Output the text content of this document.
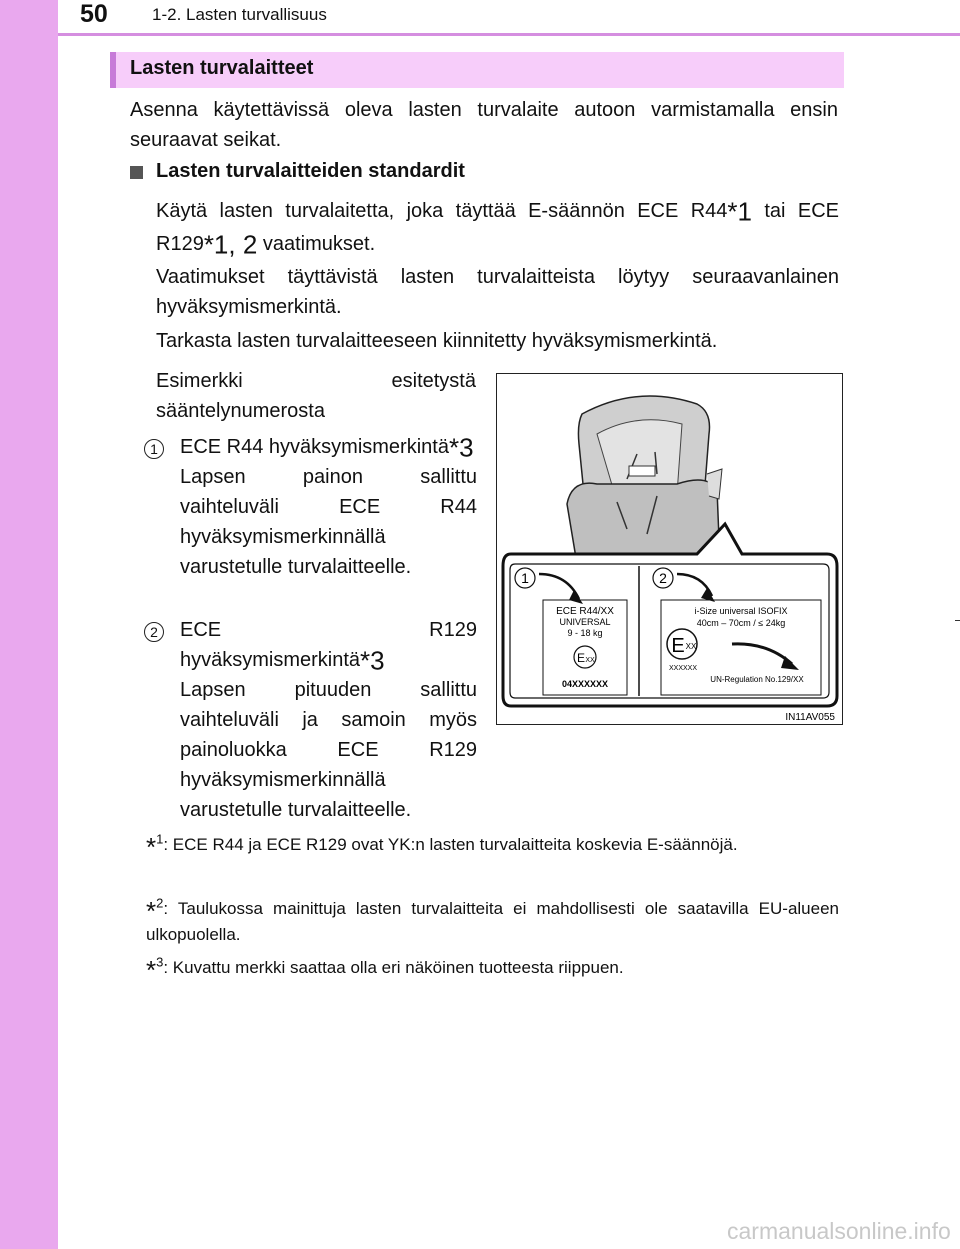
50	1-2. Lasten turvallisuus
Lasten turvalaitteet
Asenna käytettävissä oleva lasten turvalaite autoon varmistamalla ensin seuraavat seikat.
Lasten turvalaitteiden standardit
Käytä lasten turvalaitetta, joka täyttää E-säännön ECE R44*1 tai ECE R129*1, 2 vaatimukset.
Vaatimukset täyttävistä lasten turvalaitteista löytyy seuraavanlainen hyväksymismerkintä.
Tarkasta lasten turvalaitteeseen kiinnitetty hyväksymismerkintä.
Esimerkki esitetystä sääntelynumerosta
1	ECE R44 hyväksymismerkintä*3
Lapsen painon sallittu vaihteluväli ECE R44 hyväksymismerkinnällä varustetulle turvalaitteelle.
2	ECE R129 hyväksymismerkintä*3
Lapsen pituuden sallittu vaihteluväli ja samoin myös painoluokka ECE R129 hyväksymismerkinnällä varustetulle turvalaitteelle.
ECE R44/XX
UNIVERSAL
9 - 18 kg
E XX
04XXXXXX
i-Size universal ISOFIX
40cm – 70cm / ≤ 24kg
E XX
XXXXXX
UN-Regulation No.129/XX
1	2
IN11AV055
*$^1$: ECE R44 ja ECE R129 ovat YK:n lasten turvalaitteita koskevia E-säännöjä.
*$^2$: Taulukossa mainittuja lasten turvalaitteita ei mahdollisesti ole saatavilla EU-alueen ulkopuolella.
*$^3$: Kuvattu merkki saattaa olla eri näköinen tuotteesta riippuen.
carmanualsonline.info
